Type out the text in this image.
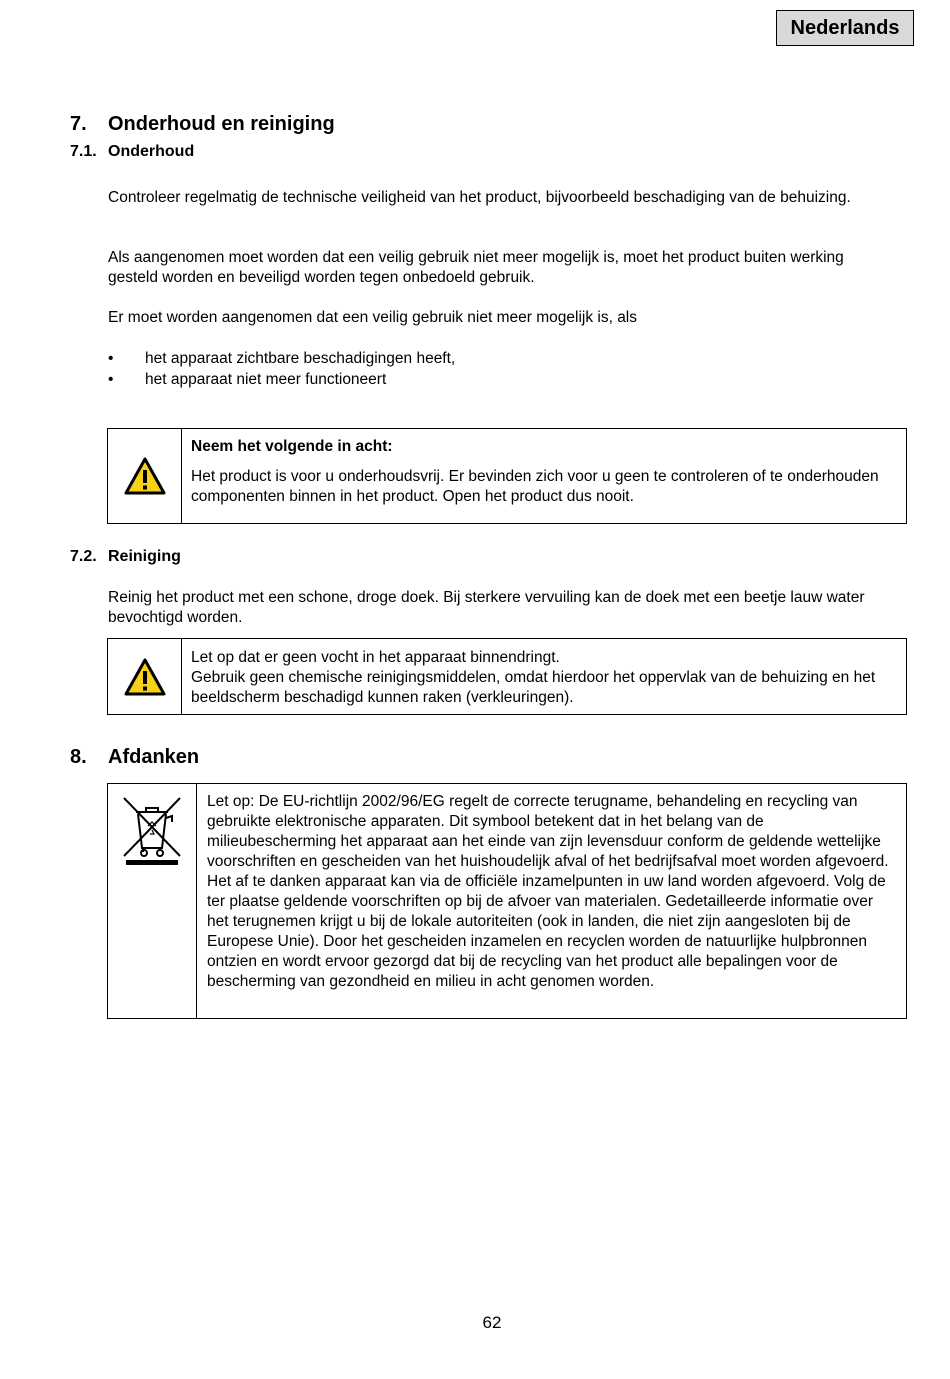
Nederlands
7. Onderhoud en reiniging
7.1. Onderhoud
Controleer regelmatig de technische veiligheid van het product, bijvoorbeeld beschadiging van de behuizing.
Als aangenomen moet worden dat een veilig gebruik niet meer mogelijk is, moet het product buiten werking gesteld worden en beveiligd worden tegen onbedoeld gebruik.
Er moet worden aangenomen dat een veilig gebruik niet meer mogelijk is, als
• het apparaat zichtbare beschadigingen heeft,
• het apparaat niet meer functioneert
Neem het volgende in acht:
Het product is voor u onderhoudsvrij. Er bevinden zich voor u geen te controleren of te onderhouden componenten binnen in het product. Open het product dus nooit.
7.2. Reiniging
Reinig het product met een schone, droge doek. Bij sterkere vervuiling kan de doek met een beetje lauw water bevochtigd worden.
Let op dat er geen vocht in het apparaat binnendringt.
Gebruik geen chemische reinigingsmiddelen, omdat hierdoor het oppervlak van de behuizing en het beeldscherm beschadigd kunnen raken (verkleuringen).
8. Afdanken
Let op: De EU-richtlijn 2002/96/EG regelt de correcte terugname, behandeling en recycling van gebruikte elektronische apparaten. Dit symbool betekent dat in het belang van de milieubescherming het apparaat aan het einde van zijn levensduur conform de geldende wettelijke voorschriften en gescheiden van het huishoudelijk afval of het bedrijfsafval moet worden afgevoerd. Het af te danken apparaat kan via de officiële inzamelpunten in uw land worden afgevoerd. Volg de ter plaatse geldende voorschriften op bij de afvoer van materialen. Gedetailleerde informatie over het terugnemen krijgt u bij de lokale autoriteiten (ook in landen, die niet zijn aangesloten bij de Europese Unie). Door het gescheiden inzamelen en recyclen worden de natuurlijke hulpbronnen ontzien en wordt ervoor gezorgd dat bij de recycling van het product alle bepalingen voor de bescherming van gezondheid en milieu in acht genomen worden.
62
